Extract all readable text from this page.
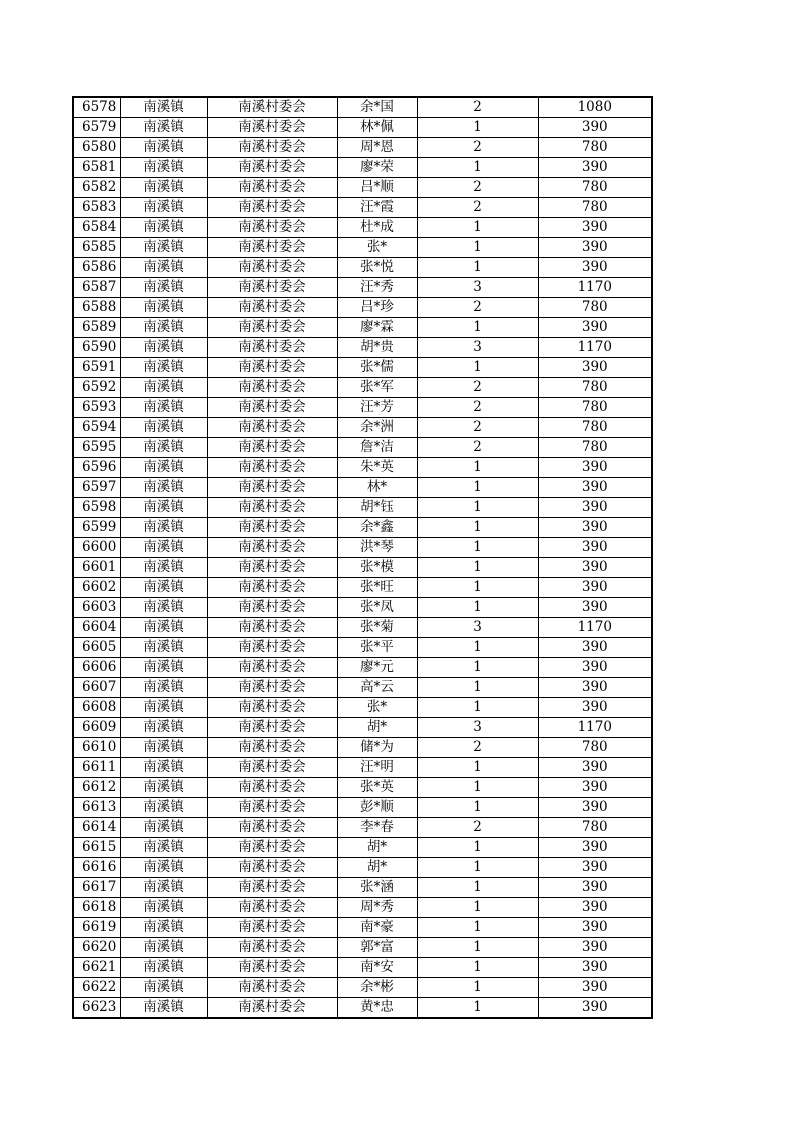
6578	南溪镇	南溪村委会	余*国	2	1080
6579	南溪镇	南溪村委会	林*佩	1	390
6580	南溪镇	南溪村委会	周*恩	2	780
6581	南溪镇	南溪村委会	廖*荣	1	390
6582	南溪镇	南溪村委会	吕*顺	2	780
6583	南溪镇	南溪村委会	汪*霞	2	780
6584	南溪镇	南溪村委会	杜*成	1	390
6585	南溪镇	南溪村委会	张*	1	390
6586	南溪镇	南溪村委会	张*悦	1	390
6587	南溪镇	南溪村委会	汪*秀	3	1170
6588	南溪镇	南溪村委会	吕*珍	2	780
6589	南溪镇	南溪村委会	廖*霖	1	390
6590	南溪镇	南溪村委会	胡*贵	3	1170
6591	南溪镇	南溪村委会	张*儒	1	390
6592	南溪镇	南溪村委会	张*军	2	780
6593	南溪镇	南溪村委会	汪*芳	2	780
6594	南溪镇	南溪村委会	余*洲	2	780
6595	南溪镇	南溪村委会	詹*洁	2	780
6596	南溪镇	南溪村委会	朱*英	1	390
6597	南溪镇	南溪村委会	林*	1	390
6598	南溪镇	南溪村委会	胡*钰	1	390
6599	南溪镇	南溪村委会	余*鑫	1	390
6600	南溪镇	南溪村委会	洪*琴	1	390
6601	南溪镇	南溪村委会	张*模	1	390
6602	南溪镇	南溪村委会	张*旺	1	390
6603	南溪镇	南溪村委会	张*凤	1	390
6604	南溪镇	南溪村委会	张*菊	3	1170
6605	南溪镇	南溪村委会	张*平	1	390
6606	南溪镇	南溪村委会	廖*元	1	390
6607	南溪镇	南溪村委会	高*云	1	390
6608	南溪镇	南溪村委会	张*	1	390
6609	南溪镇	南溪村委会	胡*	3	1170
6610	南溪镇	南溪村委会	储*为	2	780
6611	南溪镇	南溪村委会	汪*明	1	390
6612	南溪镇	南溪村委会	张*英	1	390
6613	南溪镇	南溪村委会	彭*顺	1	390
6614	南溪镇	南溪村委会	李*春	2	780
6615	南溪镇	南溪村委会	胡*	1	390
6616	南溪镇	南溪村委会	胡*	1	390
6617	南溪镇	南溪村委会	张*涵	1	390
6618	南溪镇	南溪村委会	周*秀	1	390
6619	南溪镇	南溪村委会	南*豪	1	390
6620	南溪镇	南溪村委会	郭*富	1	390
6621	南溪镇	南溪村委会	南*安	1	390
6622	南溪镇	南溪村委会	余*彬	1	390
6623	南溪镇	南溪村委会	黄*忠	1	390
